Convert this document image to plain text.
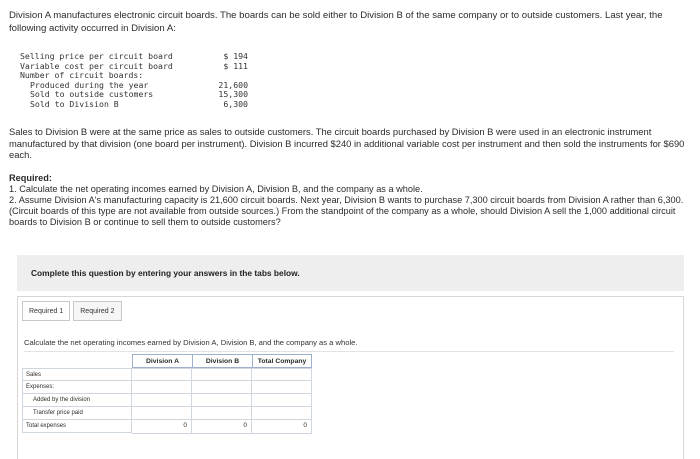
Division A manufactures electronic circuit boards. The boards can be sold either to Division B of the same company or to outside customers. Last year, the following activity occurred in Division A:
Selling price per circuit board	$ 194
Variable cost per circuit board	$ 111
Number of circuit boards:
Produced during the year	21,600
Sold to outside customers	15,300
Sold to Division B	6,300
Sales to Division B were at the same price as sales to outside customers. The circuit boards purchased by Division B were used in an electronic instrument manufactured by that division (one board per instrument). Division B incurred $240 in additional variable cost per instrument and then sold the instruments for $690 each.
Required:
1. Calculate the net operating incomes earned by Division A, Division B, and the company as a whole.
2. Assume Division A's manufacturing capacity is 21,600 circuit boards. Next year, Division B wants to purchase 7,300 circuit boards from Division A rather than 6,300. (Circuit boards of this type are not available from outside sources.) From the standpoint of the company as a whole, should Division A sell the 1,000 additional circuit boards to Division B or continue to sell them to outside customers?
Complete this question by entering your answers in the tabs below.
Required 1	Required 2
Calculate the net operating incomes earned by Division A, Division B, and the company as a whole.
Division A	Division B	Total Company
Sales
Expenses:
Added by the division
Transfer price paid
Total expenses	0	0	0
